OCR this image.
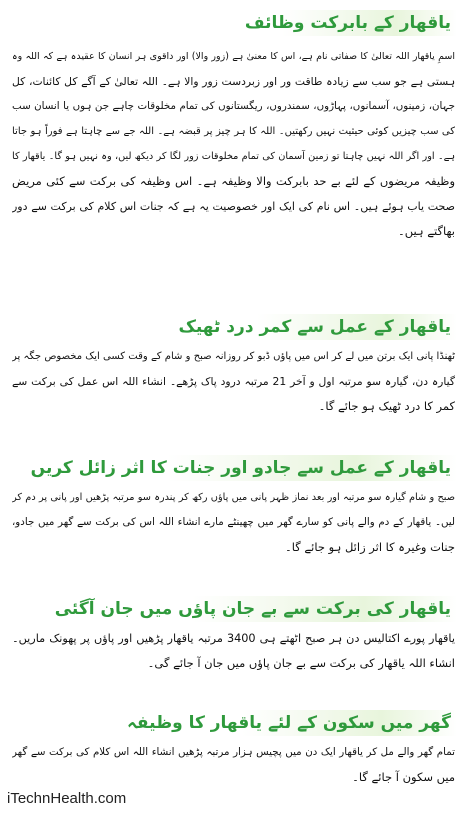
یاقھار کے بابرکت وظائف
اسمِ یاقھار اللہ تعالیٰ کا صفاتی نام ہے، اس کا معنیٰ ہے (زور والا) اور داقوی ہر انسان کا عقیدہ ہے کہ اللہ وہ
ہستی ہے جو سب سے زیادہ طاقت ور اور زبردست زور والا ہے۔ اللہ تعالیٰ کے آگے کل کائنات، کل
جہان، زمینوں، آسمانوں، پہاڑوں، سمندروں، ریگستانوں کی تمام مخلوقات چاہے جن ہوں یا انسان سب
کی سب چیزیں کوئی حیثیت نہیں رکھتیں۔ اللہ کا ہر چیز پر قبضہ ہے۔ اللہ جے سے چاہتا ہے فوراً ہو جاتا
ہے۔ اور اگر اللہ نہیں چاہتا تو زمین آسمان کی تمام مخلوقات زور لگا کر دیکھ لیں، وہ نہیں ہو گا۔ یاقھار کا
وظیفہ مریضوں کے لئے بے حد بابرکت والا وظیفہ ہے۔ اس وظیفہ کی برکت سے کئی مریض
صحت یاب ہوئے ہیں۔ اس نام کی ایک اور خصوصیت یہ ہے کہ جنات اس کلام کی برکت سے دور
بھاگتے ہیں۔
یاقھار کے عمل سے کمر درد ٹھیک
ٹھنڈا پانی ایک برتن میں لے کر اس میں پاؤں ڈبو کر روزانہ صبح و شام کے وقت کسی ایک مخصوص جگہ پر
گیارہ دن، گیارہ سو مرتبہ اول و آخر 21 مرتبہ درود پاک پڑھے۔ انشاء اللہ اس عمل کی برکت سے
کمر کا درد ٹھیک ہو جائے گا۔
یاقھار کے عمل سے جادو اور جنات کا اثر زائل کریں
صبح و شام گیارہ سو مرتبہ اور بعد نماز ظہر پانی میں پاؤں رکھ کر پندرہ سو مرتبہ پڑھیں اور پانی پر دم کر
لیں۔ یاقھار کے دم والے پانی کو سارے گھر میں چھینٹے مارے انشاء اللہ اس کی برکت سے گھر میں جادو،
جنات وغیرہ کا اثر زائل ہو جائے گا۔
یاقھار کی برکت سے بے جان پاؤں میں جان آگئی
یاقھار پورے اکتالیس دن ہر صبح اٹھتے ہی 3400 مرتبہ یاقھار پڑھیں اور پاؤں پر پھونک ماریں۔
انشاء اللہ یاقھار کی برکت سے بے جان پاؤں میں جان آ جائے گی۔
گھر میں سکون کے لئے یاقھار کا وظیفہ
تمام گھر والے مل کر یاقھار ایک دن میں پچیس ہزار مرتبہ پڑھیں انشاء اللہ اس کلام کی برکت سے گھر
میں سکون آ جائے گا۔
iTechnHealth.com
